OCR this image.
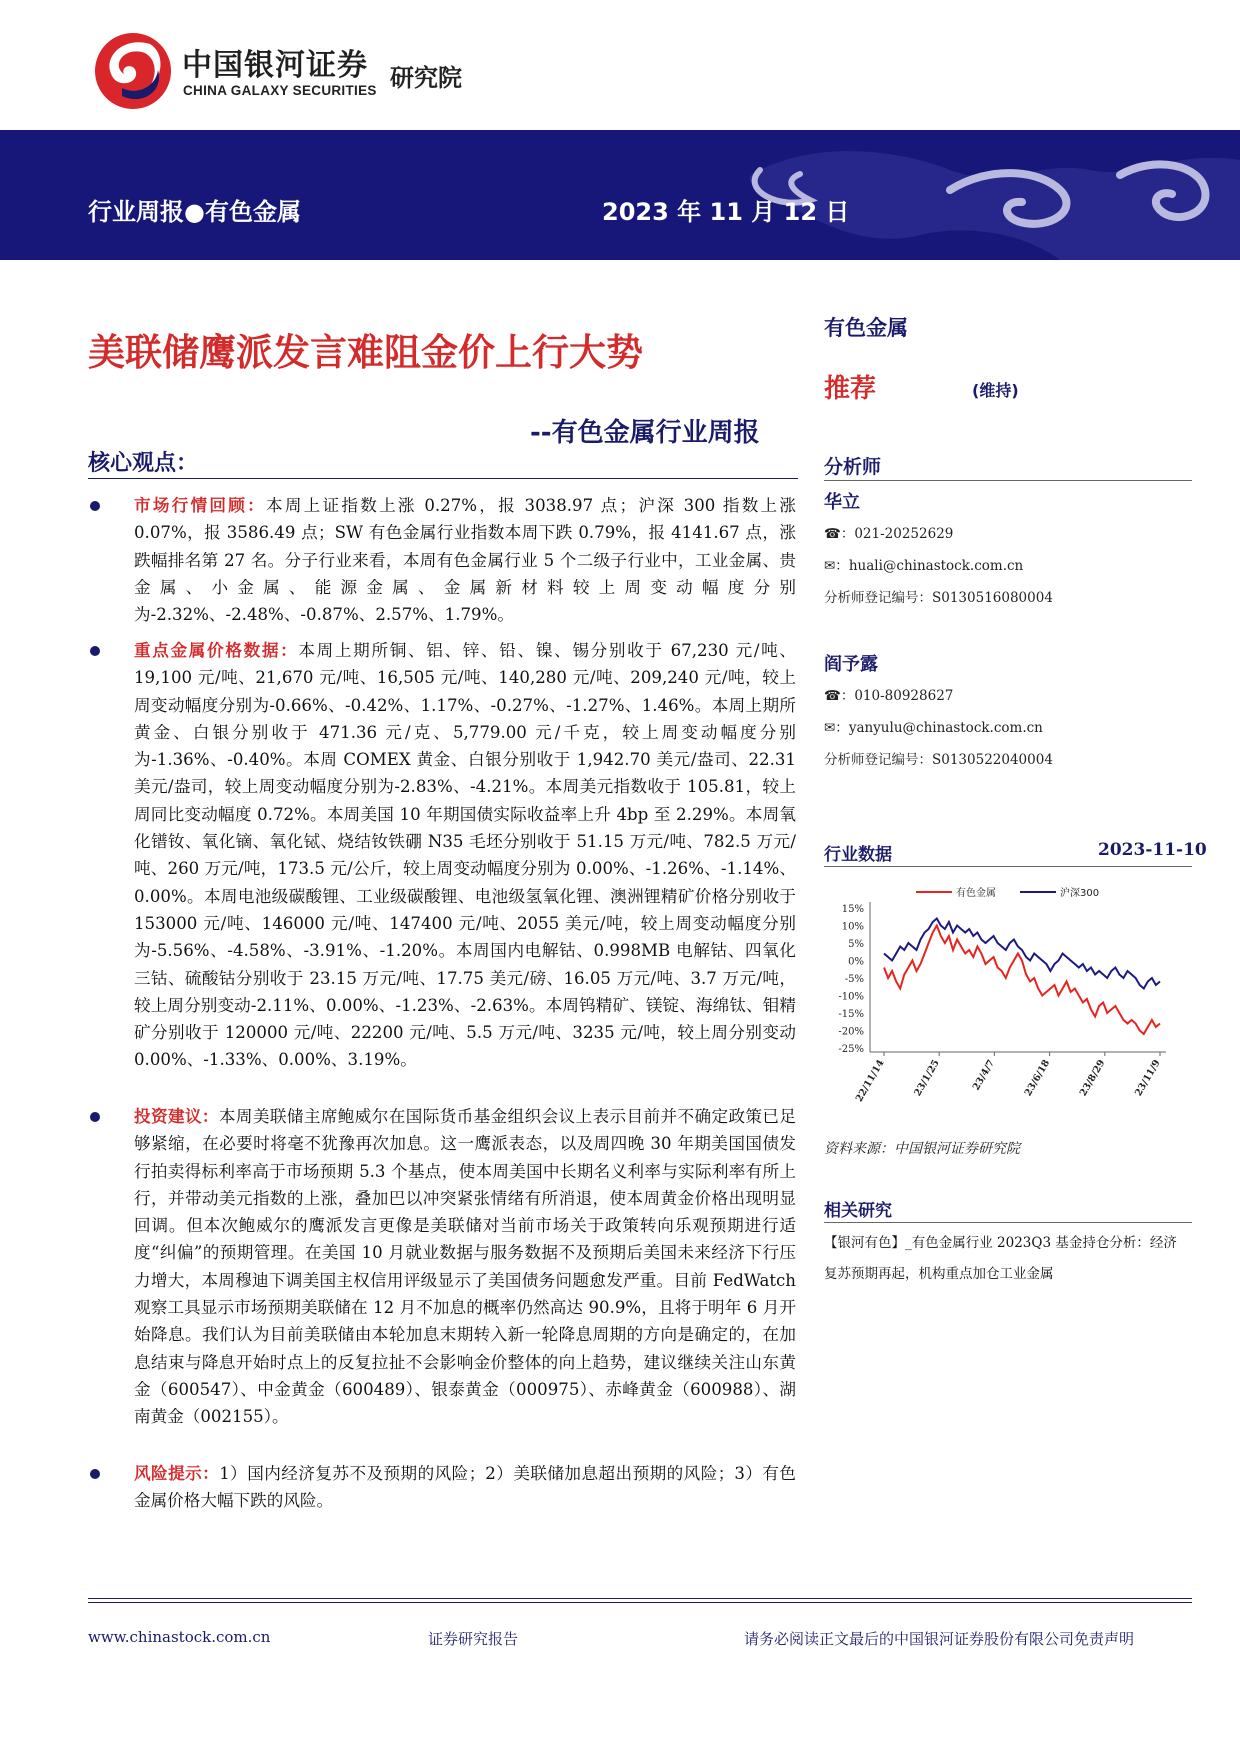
中国银河证券
CHINA GALAXY SECURITIES 研究院
行业周报●有色金属	2023 年 11 月 12 日
美联储鹰派发言难阻金价上行大势
--有色金属行业周报
核心观点：
市场行情回顾：本周上证指数上涨 0.27%，报 3038.97 点；沪深 300 指数上涨 0.07%，报 3586.49 点；SW 有色金属行业指数本周下跌 0.79%，报 4141.67 点，涨跌幅排名第 27 名。分子行业来看，本周有色金属行业 5 个二级子行业中，工业金属、贵金属、小金属、能源金属、金属新材料较上周变动幅度分别为-2.32%、-2.48%、-0.87%、2.57%、1.79%。
重点金属价格数据：本周上期所铜、铝、锌、铅、镍、锡分别收于 67,230 元/吨、19,100 元/吨、21,670 元/吨、16,505 元/吨、140,280 元/吨、209,240 元/吨，较上周变动幅度分别为-0.66%、-0.42%、1.17%、-0.27%、-1.27%、1.46%。本周上期所黄金、白银分别收于 471.36 元/克、5,779.00 元/千克，较上周变动幅度分别为-1.36%、-0.40%。本周 COMEX 黄金、白银分别收于 1,942.70 美元/盎司、22.31 美元/盎司，较上周变动幅度分别为-2.83%、-4.21%。本周美元指数收于 105.81，较上周同比变动幅度 0.72%。本周美国 10 年期国债实际收益率上升 4bp 至 2.29%。本周氧化镨钕、氧化镝、氧化铽、烧结钕铁硼 N35 毛坯分别收于 51.15 万元/吨、782.5 万元/吨、260 万元/吨，173.5 元/公斤，较上周变动幅度分别为 0.00%、-1.26%、-1.14%、0.00%。本周电池级碳酸锂、工业级碳酸锂、电池级氢氧化锂、澳洲锂精矿价格分别收于 153000 元/吨、146000 元/吨、147400 元/吨、2055 美元/吨，较上周变动幅度分别为-5.56%、-4.58%、-3.91%、-1.20%。本周国内电解钴、0.998MB 电解钴、四氧化三钴、硫酸钴分别收于 23.15 万元/吨、17.75 美元/磅、16.05 万元/吨、3.7 万元/吨，较上周分别变动-2.11%、0.00%、-1.23%、-2.63%。本周钨精矿、镁锭、海绵钛、钼精矿分别收于 120000 元/吨、22200 元/吨、5.5 万元/吨、3235 元/吨，较上周分别变动 0.00%、-1.33%、0.00%、3.19%。
投资建议：本周美联储主席鲍威尔在国际货币基金组织会议上表示目前并不确定政策已足够紧缩，在必要时将毫不犹豫再次加息。这一鹰派表态，以及周四晚 30 年期美国国债发行拍卖得标利率高于市场预期 5.3 个基点，使本周美国中长期名义利率与实际利率有所上行，并带动美元指数的上涨，叠加巴以冲突紧张情绪有所消退，使本周黄金价格出现明显回调。但本次鲍威尔的鹰派发言更像是美联储对当前市场关于政策转向乐观预期进行适度“纠偏”的预期管理。在美国 10 月就业数据与服务数据不及预期后美国未来经济下行压力增大，本周穆迪下调美国主权信用评级显示了美国债务问题愈发严重。目前 FedWatch 观察工具显示市场预期美联储在 12 月不加息的概率仍然高达 90.9%，且将于明年 6 月开始降息。我们认为目前美联储由本轮加息末期转入新一轮降息周期的方向是确定的，在加息结束与降息开始时点上的反复拉扯不会影响金价整体的向上趋势，建议继续关注山东黄金（600547）、中金黄金（600489）、银泰黄金（000975）、赤峰黄金（600988）、湖南黄金（002155）。
风险提示：1）国内经济复苏不及预期的风险；2）美联储加息超出预期的风险；3）有色金属价格大幅下跌的风险。
有色金属
推荐	(维持)
分析师
华立
☎：021-20252629
✉：huali@chinastock.com.cn
分析师登记编号：S0130516080004
阎予露
☎：010-80928627
✉：yanyulu@chinastock.com.cn
分析师登记编号：S0130522040004
行业数据	2023-11-10
15%
10%
5%
0%
-5%
-10%
-15%
-20%
-25%
22/11/14	23/1/25	23/4/7	23/6/18	23/8/29	23/11/9
有色金属	沪深300
资料来源：中国银河证券研究院
相关研究
【银河有色】_有色金属行业 2023Q3 基金持仓分析：经济复苏预期再起，机构重点加仓工业金属
www.chinastock.com.cn	证券研究报告	请务必阅读正文最后的中国银河证券股份有限公司免责声明
